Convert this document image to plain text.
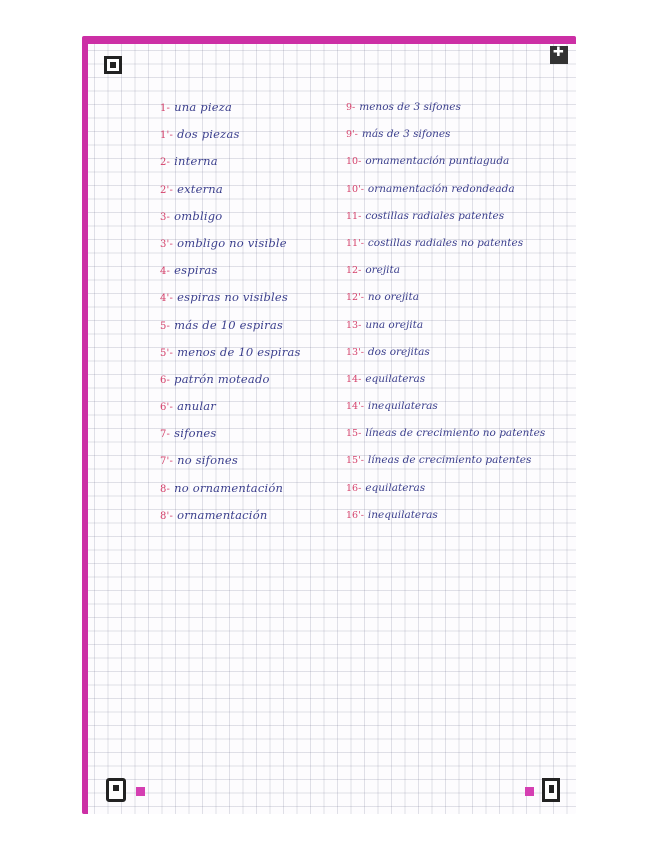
✚
1- una pieza
1'- dos piezas
2- interna
2'- externa
3- ombligo
3'- ombligo no visible
4- espiras
4'- espiras no visibles
5- más de 10 espiras
5'- menos de 10 espiras
6- patrón moteado
6'- anular
7- sifones
7'- no sifones
8- no ornamentación
8'- ornamentación
9- menos de 3 sifones
9'- más de 3 sifones
10- ornamentación puntiaguda
10'- ornamentación redondeada
11- costillas radiales patentes
11'- costillas radiales no patentes
12- orejita
12'- no orejita
13- una orejita
13'- dos orejitas
14- equilateras
14'- inequilateras
15- líneas de crecimiento no patentes
15'- líneas de crecimiento patentes
16- equilateras
16'- inequilateras
